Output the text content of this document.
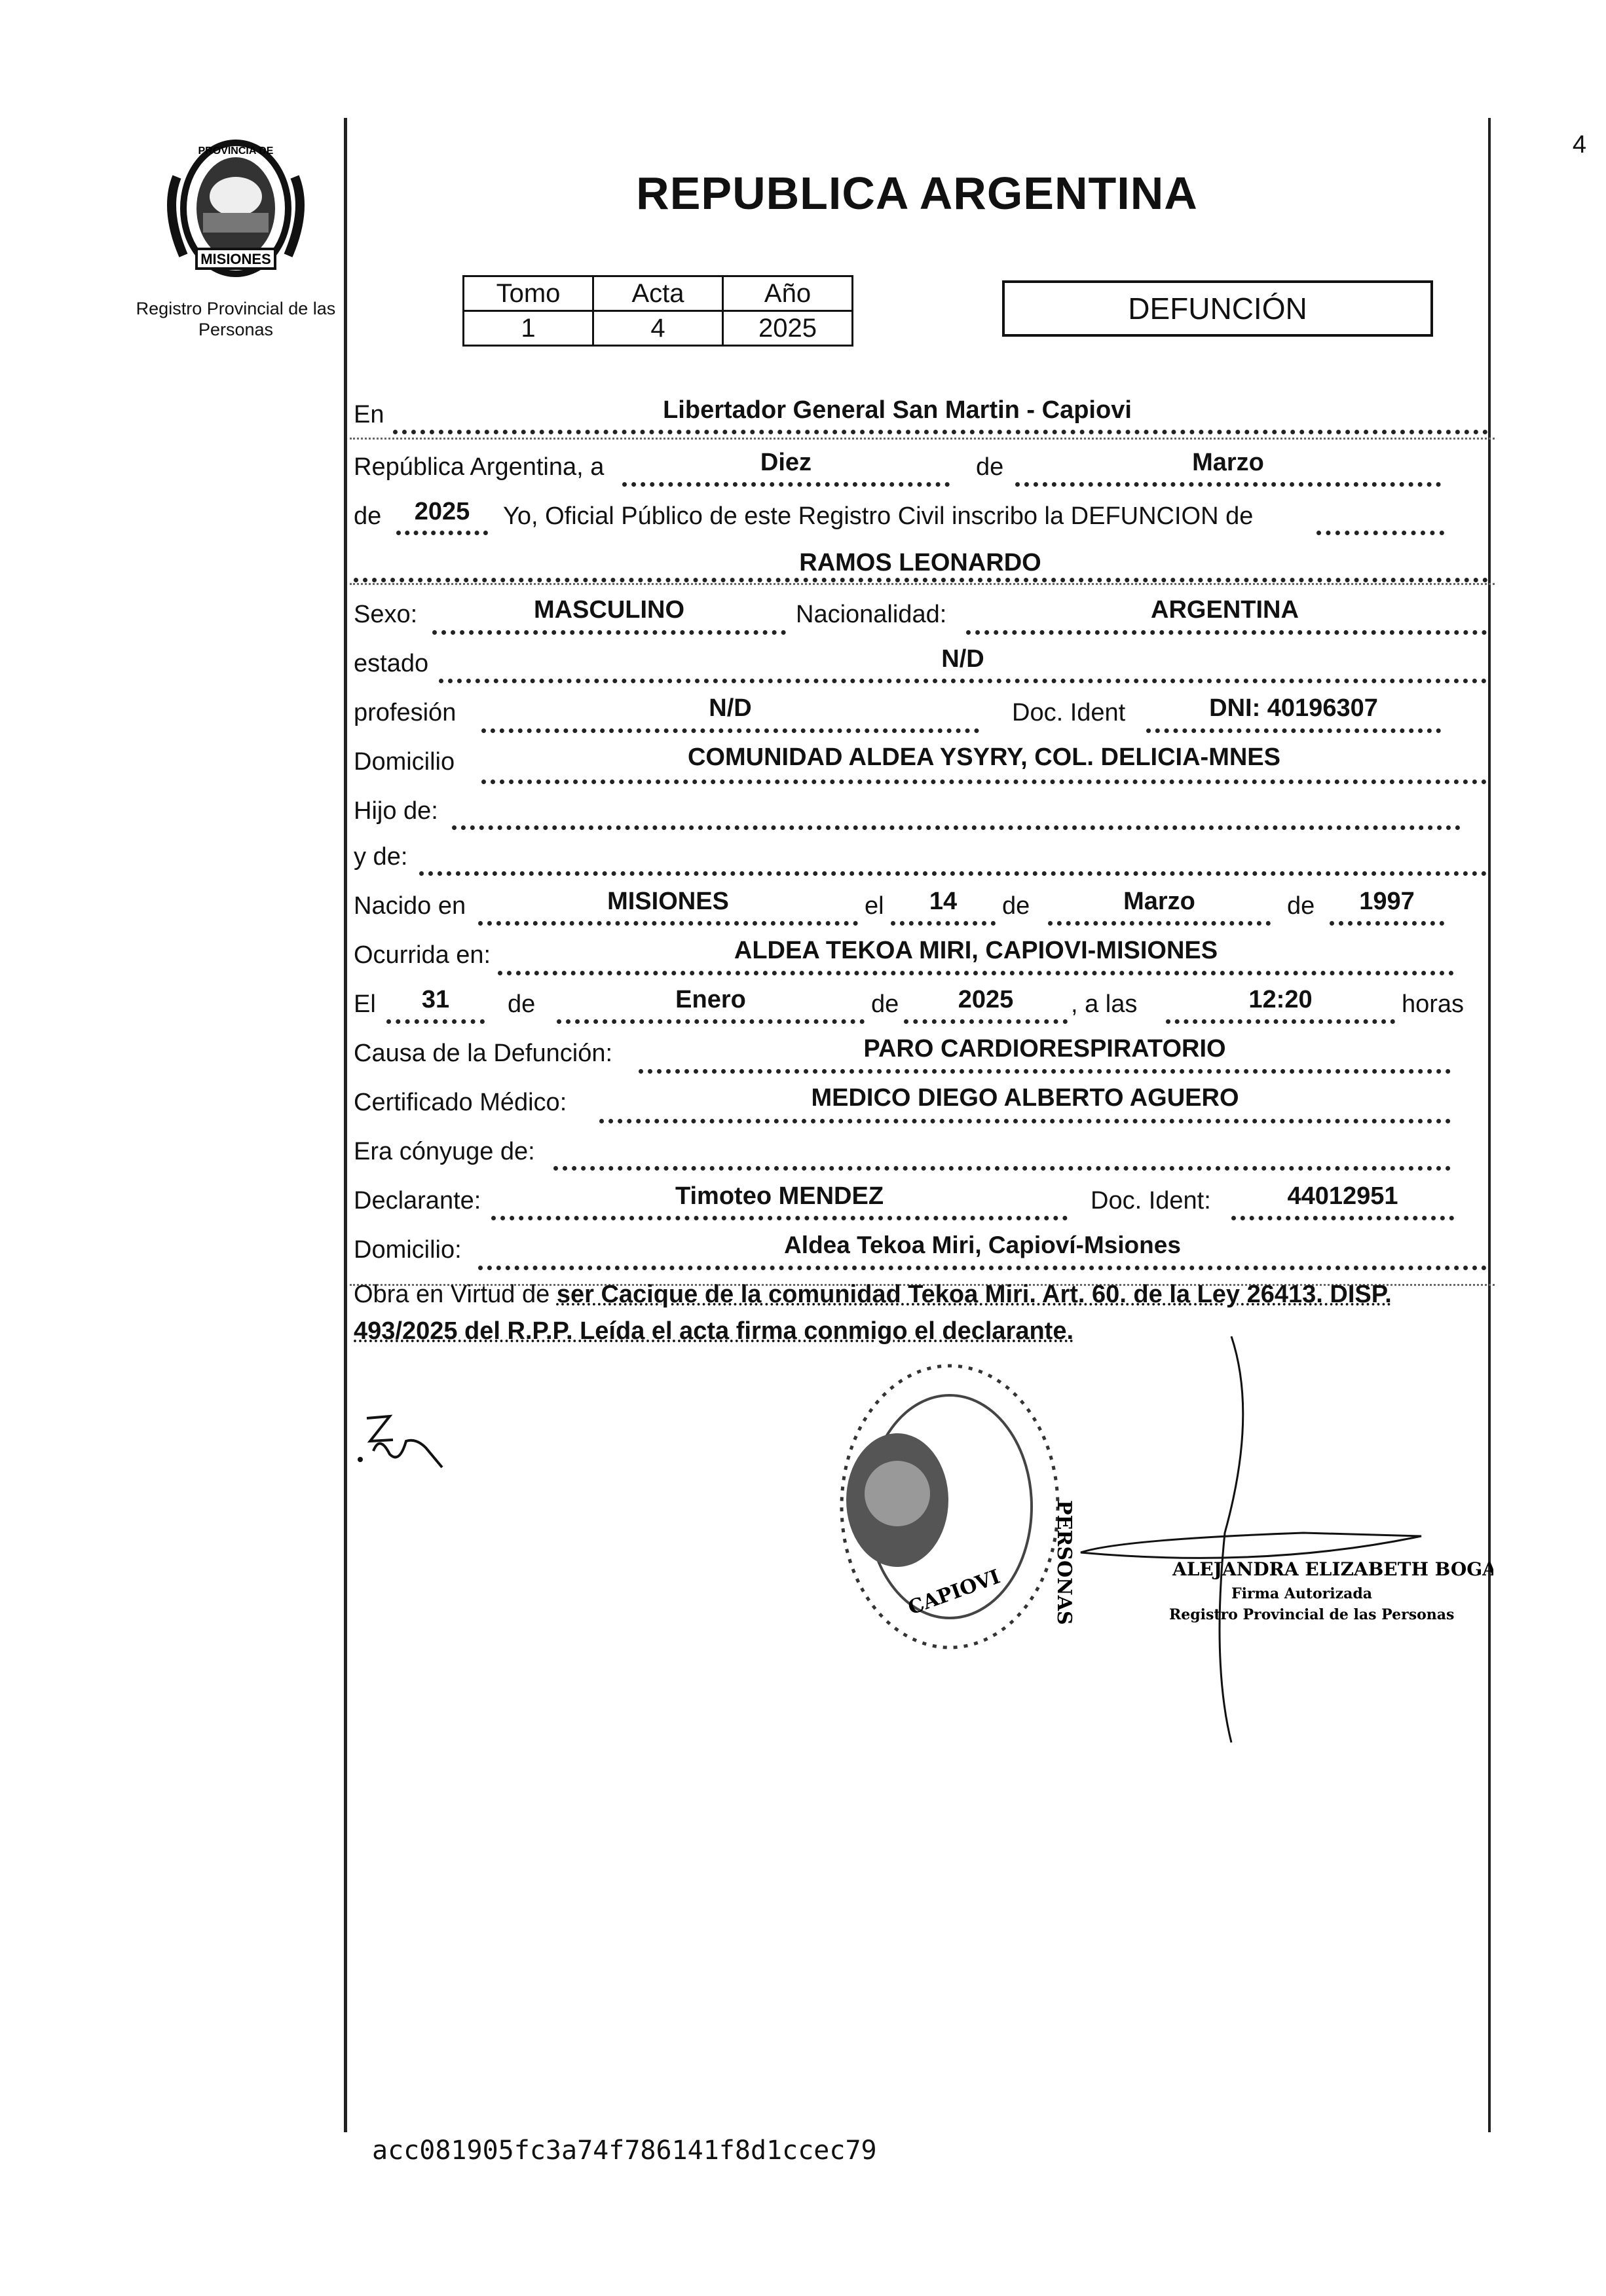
MISIONES
PROVINCIA DE
Registro Provincial de las Personas
4
REPUBLICA ARGENTINA
Tomo	Acta	Año
1	4	2025
DEFUNCIÓN
En	Libertador General San Martin - Capiovi
República Argentina, a	Diez	de	Marzo
de	2025	Yo, Oficial Público de este Registro Civil inscribo la DEFUNCION de
RAMOS LEONARDO
Sexo:	MASCULINO	Nacionalidad:	ARGENTINA
estado	N/D
profesión	N/D	Doc. Ident	DNI: 40196307
Domicilio	COMUNIDAD ALDEA YSYRY, COL. DELICIA-MNES
Hijo de:
y de:
Nacido en	MISIONES	el	14	de	Marzo	de	1997
Ocurrida en:	ALDEA TEKOA MIRI, CAPIOVI-MISIONES
El	31	de	Enero	de	2025	, a las	12:20	horas
Causa de la Defunción:	PARO CARDIORESPIRATORIO
Certificado Médico:	MEDICO DIEGO ALBERTO AGUERO
Era cónyuge de:
Declarante:	Timoteo MENDEZ	Doc. Ident:	44012951
Domicilio:	Aldea Tekoa Miri, Capioví-Msiones
Obra en Virtud de ser Cacique de la comunidad Tekoa Miri. Art. 60. de la Ley 26413. DISP.
493/2025 del R.P.P. Leída el acta firma conmigo el declarante.
CAPIOVI	PERSONAS	ALEJANDRA ELIZABETH BOGADO
Firma Autorizada
Registro Provincial de las Personas
acc081905fc3a74f786141f8d1ccec79
